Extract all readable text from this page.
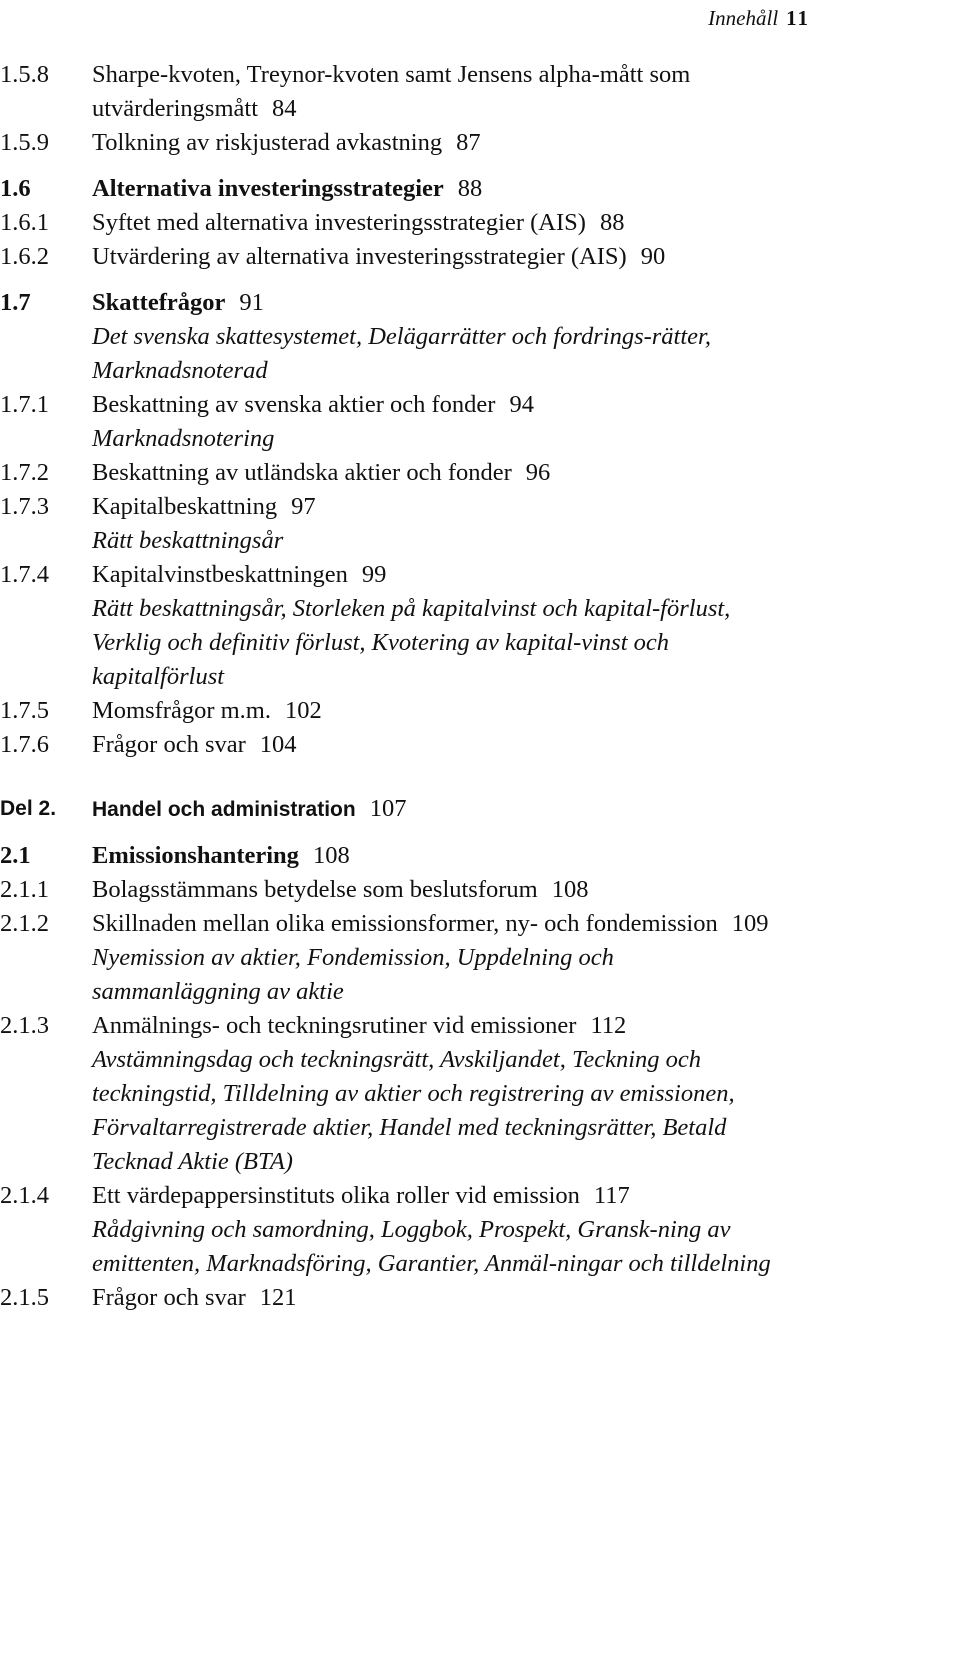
Innehåll 11
1.5.8	Sharpe-kvoten, Treynor-kvoten samt Jensens alpha-mått som utvärderingsmått 84
1.5.9	Tolkning av riskjusterad avkastning 87
1.6	Alternativa investeringsstrategier 88
1.6.1	Syftet med alternativa investeringsstrategier (AIS) 88
1.6.2	Utvärdering av alternativa investeringsstrategier (AIS) 90
1.7	Skattefrågor 91
Det svenska skattesystemet, Delägarrätter och fordrings-rätter, Marknadsnoterad
1.7.1	Beskattning av svenska aktier och fonder 94
Marknadsnotering
1.7.2	Beskattning av utländska aktier och fonder 96
1.7.3	Kapitalbeskattning 97
Rätt beskattningsår
1.7.4	Kapitalvinstbeskattningen 99
Rätt beskattningsår, Storleken på kapitalvinst och kapital-förlust, Verklig och definitiv förlust, Kvotering av kapital-vinst och kapitalförlust
1.7.5	Momsfrågor m.m. 102
1.7.6	Frågor och svar 104
Del 2.	Handel och administration 107
2.1	Emissionshantering 108
2.1.1	Bolagsstämmans betydelse som beslutsforum 108
2.1.2	Skillnaden mellan olika emissionsformer, ny- och fondemission 109
Nyemission av aktier, Fondemission, Uppdelning och sammanläggning av aktie
2.1.3	Anmälnings- och teckningsrutiner vid emissioner 112
Avstämningsdag och teckningsrätt, Avskiljandet, Teckning och teckningstid, Tilldelning av aktier och registrering av emissionen, Förvaltarregistrerade aktier, Handel med teckningsrätter, Betald Tecknad Aktie (BTA)
2.1.4	Ett värdepappersinstituts olika roller vid emission 117
Rådgivning och samordning, Loggbok, Prospekt, Gransk-ning av emittenten, Marknadsföring, Garantier, Anmäl-ningar och tilldelning
2.1.5	Frågor och svar 121
